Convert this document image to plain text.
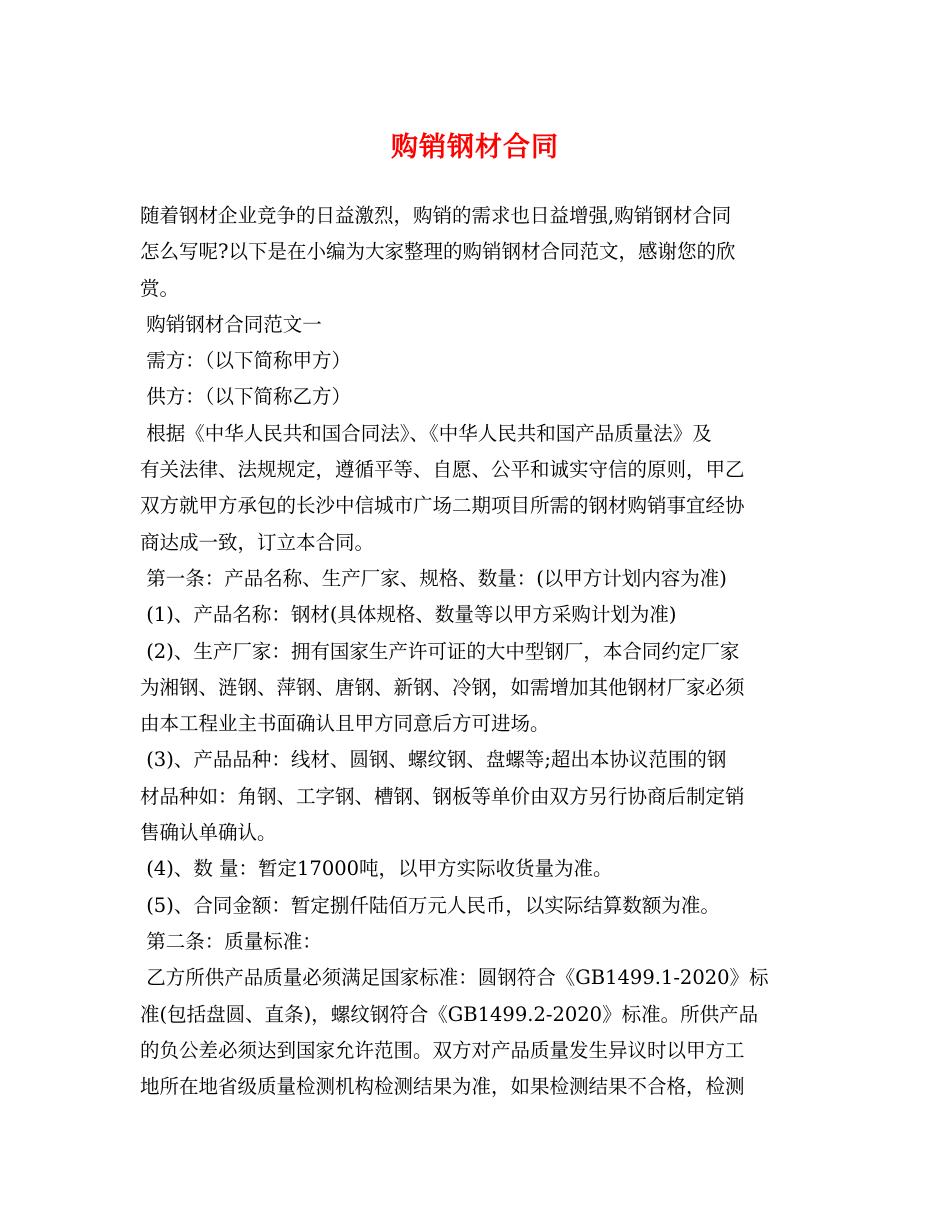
购销钢材合同
随着钢材企业竞争的日益激烈，购销的需求也日益增强,购销钢材合同
怎么写呢?以下是在小编为大家整理的购销钢材合同范文，感谢您的欣
赏。
购销钢材合同范文一
需方：（以下简称甲方）
供方：（以下简称乙方）
根据《中华人民共和国合同法》、《中华人民共和国产品质量法》及
有关法律、法规规定，遵循平等、自愿、公平和诚实守信的原则，甲乙
双方就甲方承包的长沙中信城市广场二期项目所需的钢材购销事宜经协
商达成一致，订立本合同。
第一条：产品名称、生产厂家、规格、数量：(以甲方计划内容为准)
(1)、产品名称：钢材(具体规格、数量等以甲方采购计划为准)
(2)、生产厂家：拥有国家生产许可证的大中型钢厂，本合同约定厂家
为湘钢、涟钢、萍钢、唐钢、新钢、冷钢，如需增加其他钢材厂家必须
由本工程业主书面确认且甲方同意后方可进场。
(3)、产品品种：线材、圆钢、螺纹钢、盘螺等;超出本协议范围的钢
材品种如：角钢、工字钢、槽钢、钢板等单价由双方另行协商后制定销
售确认单确认。
(4)、数 量：暂定17000吨，以甲方实际收货量为准。
(5)、合同金额：暂定捌仟陆佰万元人民币，以实际结算数额为准。
第二条：质量标准：
乙方所供产品质量必须满足国家标准：圆钢符合《GB1499.1-2020》标
准(包括盘圆、直条)，螺纹钢符合《GB1499.2-2020》标准。所供产品
的负公差必须达到国家允许范围。双方对产品质量发生异议时以甲方工
地所在地省级质量检测机构检测结果为准，如果检测结果不合格，检测
